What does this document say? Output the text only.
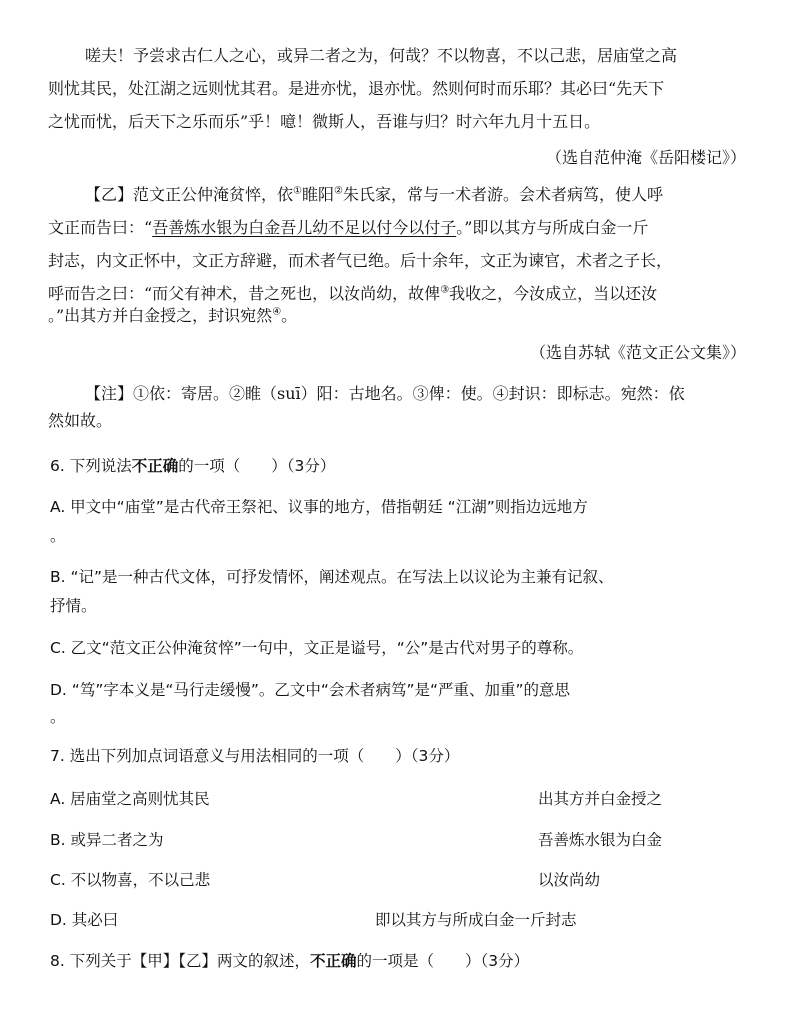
嗟夫！予尝求古仁人之心，或异二者之为，何哉？不以物喜，不以己悲，居庙堂之高
则忧其民，处江湖之远则忧其君。是进亦忧，退亦忧。然则何时而乐耶？其必曰“先天下
之忧而忧，后天下之乐而乐”乎！噫！微斯人，吾谁与归？时六年九月十五日。
（选自范仲淹《岳阳楼记》）
【乙】范文正公仲淹贫悴，依①睢阳②朱氏家，常与一术者游。会术者病笃，使人呼
文正而告曰：“吾善炼水银为白金吾儿幼不足以付今以付子。”即以其方与所成白金一斤
封志，内文正怀中，文正方辞避，而术者气已绝。后十余年，文正为谏官，术者之子长，
呼而告之曰：“而父有神术，昔之死也，以汝尚幼，故俾③我收之，今汝成立，当以还汝
。”出其方并白金授之，封识宛然④。
（选自苏轼《范文正公文集》）
【注】①依：寄居。②睢（suī）阳：古地名。③俾：使。④封识：即标志。宛然：依
然如故。
6. 下列说法不正确的一项（　　）（3分）
A. 甲文中“庙堂”是古代帝王祭祀、议事的地方，借指朝廷 “江湖”则指边远地方
。
B. “记”是一种古代文体，可抒发情怀，阐述观点。在写法上以议论为主兼有记叙、
抒情。
C. 乙文“范文正公仲淹贫悴”一句中，文正是谥号，“公”是古代对男子的尊称。
D. “笃”字本义是“马行走缓慢”。乙文中“会术者病笃”是“严重、加重”的意思
。
7. 选出下列加点词语意义与用法相同的一项（　　）（3分）
A. 居庙堂之高则忧其民	出其方并白金授之
B. 或异二者之为	吾善炼水银为白金
C. 不以物喜，不以己悲	以汝尚幼
D. 其必曰	即以其方与所成白金一斤封志
8. 下列关于【甲】【乙】两文的叙述，不正确的一项是（　　）（3分）
